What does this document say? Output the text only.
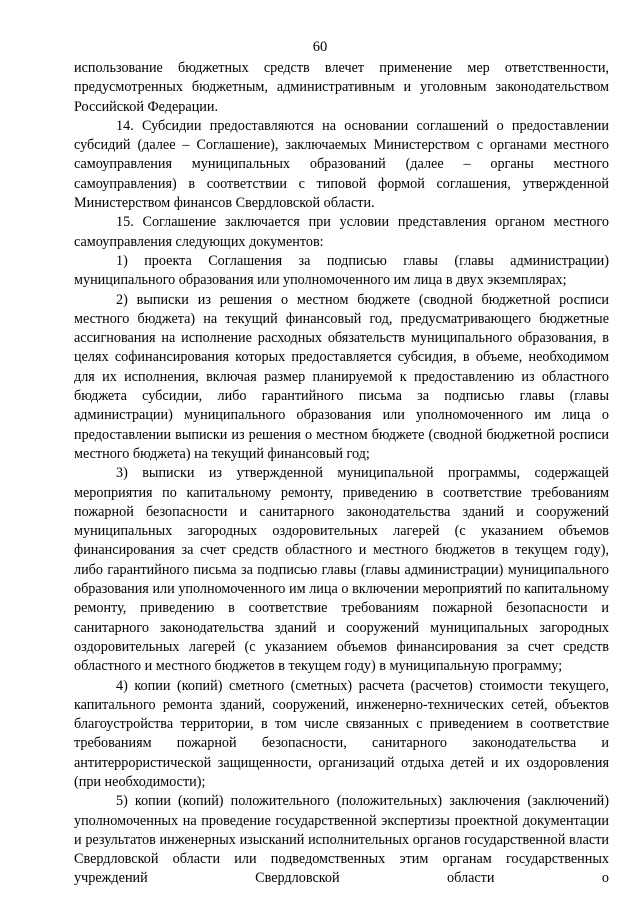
60

использование бюджетных средств влечет применение мер ответственности, предусмотренных бюджетным, административным и уголовным законодательством Российской Федерации.

14. Субсидии предоставляются на основании соглашений о предоставлении субсидий (далее – Соглашение), заключаемых Министерством с органами местного самоуправления муниципальных образований (далее – органы местного самоуправления) в соответствии с типовой формой соглашения, утвержденной Министерством финансов Свердловской области.

15. Соглашение заключается при условии представления органом местного самоуправления следующих документов:

1) проекта Соглашения за подписью главы (главы администрации) муниципального образования или уполномоченного им лица в двух экземплярах;

2) выписки из решения о местном бюджете (сводной бюджетной росписи местного бюджета) на текущий финансовый год, предусматривающего бюджетные ассигнования на исполнение расходных обязательств муниципального образования, в целях софинансирования которых предоставляется субсидия, в объеме, необходимом для их исполнения, включая размер планируемой к предоставлению из областного бюджета субсидии, либо гарантийного письма за подписью главы (главы администрации) муниципального образования или уполномоченного им лица о предоставлении выписки из решения о местном бюджете (сводной бюджетной росписи местного бюджета) на текущий финансовый год;

3) выписки из утвержденной муниципальной программы, содержащей мероприятия по капитальному ремонту, приведению в соответствие требованиям пожарной безопасности и санитарного законодательства зданий и сооружений муниципальных загородных оздоровительных лагерей (с указанием объемов финансирования за счет средств областного и местного бюджетов в текущем году), либо гарантийного письма за подписью главы (главы администрации) муниципального образования или уполномоченного им лица о включении мероприятий по капитальному ремонту, приведению в соответствие требованиям пожарной безопасности и санитарного законодательства зданий и сооружений муниципальных загородных оздоровительных лагерей (с указанием объемов финансирования за счет средств областного и местного бюджетов в текущем году) в муниципальную программу;

4) копии (копий) сметного (сметных) расчета (расчетов) стоимости текущего, капитального ремонта зданий, сооружений, инженерно-технических сетей, объектов благоустройства территории, в том числе связанных с приведением в соответствие требованиям пожарной безопасности, санитарного законодательства и антитеррористической защищенности, организаций отдыха детей и их оздоровления (при необходимости);

5) копии (копий) положительного (положительных) заключения (заключений) уполномоченных на проведение государственной экспертизы проектной документации и результатов инженерных изысканий исполнительных органов государственной власти Свердловской области или подведомственных этим органам государственных учреждений Свердловской области о
